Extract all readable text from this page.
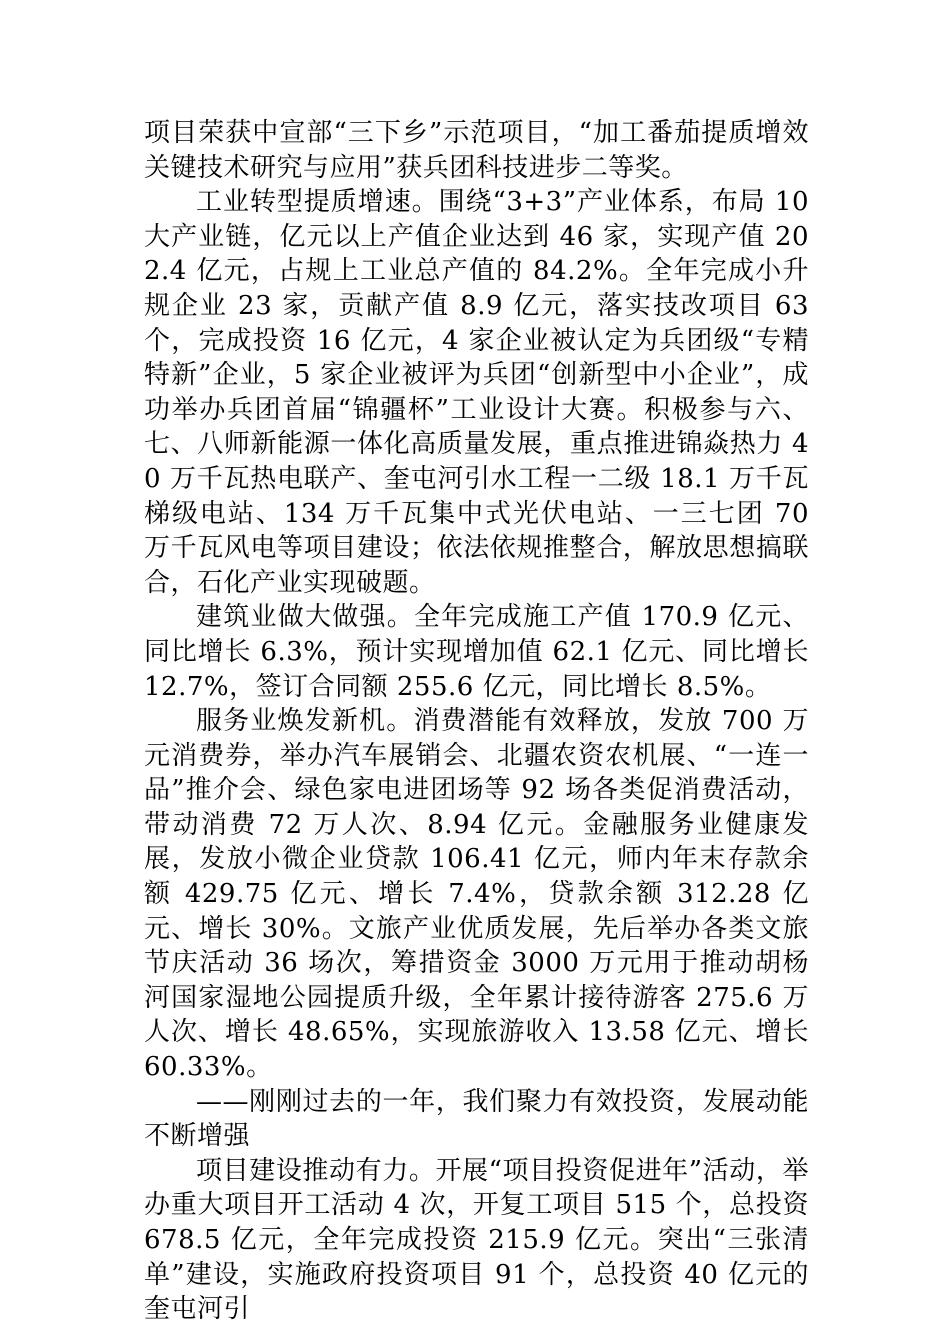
项目荣获中宣部“三下乡”示范项目，“加工番茄提质增效关键技术研究与应用”获兵团科技进步二等奖。

工业转型提质增速。围绕“3+3”产业体系，布局 10 大产业链，亿元以上产值企业达到 46 家，实现产值 202.4 亿元，占规上工业总产值的 84.2%。全年完成小升规企业 23 家，贡献产值 8.9 亿元，落实技改项目 63 个，完成投资 16 亿元，4 家企业被认定为兵团级“专精特新”企业，5 家企业被评为兵团“创新型中小企业”，成功举办兵团首届“锦疆杯”工业设计大赛。积极参与六、七、八师新能源一体化高质量发展，重点推进锦焱热力 40 万千瓦热电联产、奎屯河引水工程一二级 18.1 万千瓦梯级电站、134 万千瓦集中式光伏电站、一三七团 70 万千瓦风电等项目建设；依法依规推整合，解放思想搞联合，石化产业实现破题。

建筑业做大做强。全年完成施工产值 170.9 亿元、同比增长 6.3%，预计实现增加值 62.1 亿元、同比增长 12.7%，签订合同额 255.6 亿元，同比增长 8.5%。

服务业焕发新机。消费潜能有效释放，发放 700 万元消费券，举办汽车展销会、北疆农资农机展、“一连一品”推介会、绿色家电进团场等 92 场各类促消费活动，带动消费 72 万人次、8.94 亿元。金融服务业健康发展，发放小微企业贷款 106.41 亿元，师内年末存款余额 429.75 亿元、增长 7.4%，贷款余额 312.28 亿元、增长 30%。文旅产业优质发展，先后举办各类文旅节庆活动 36 场次，筹措资金 3000 万元用于推动胡杨河国家湿地公园提质升级，全年累计接待游客 275.6 万人次、增长 48.65%，实现旅游收入 13.58 亿元、增长 60.33%。

——刚刚过去的一年，我们聚力有效投资，发展动能不断增强

项目建设推动有力。开展“项目投资促进年”活动，举办重大项目开工活动 4 次，开复工项目 515 个，总投资 678.5 亿元，全年完成投资 215.9 亿元。突出“三张清单”建设，实施政府投资项目 91 个，总投资 40 亿元的奎屯河引
